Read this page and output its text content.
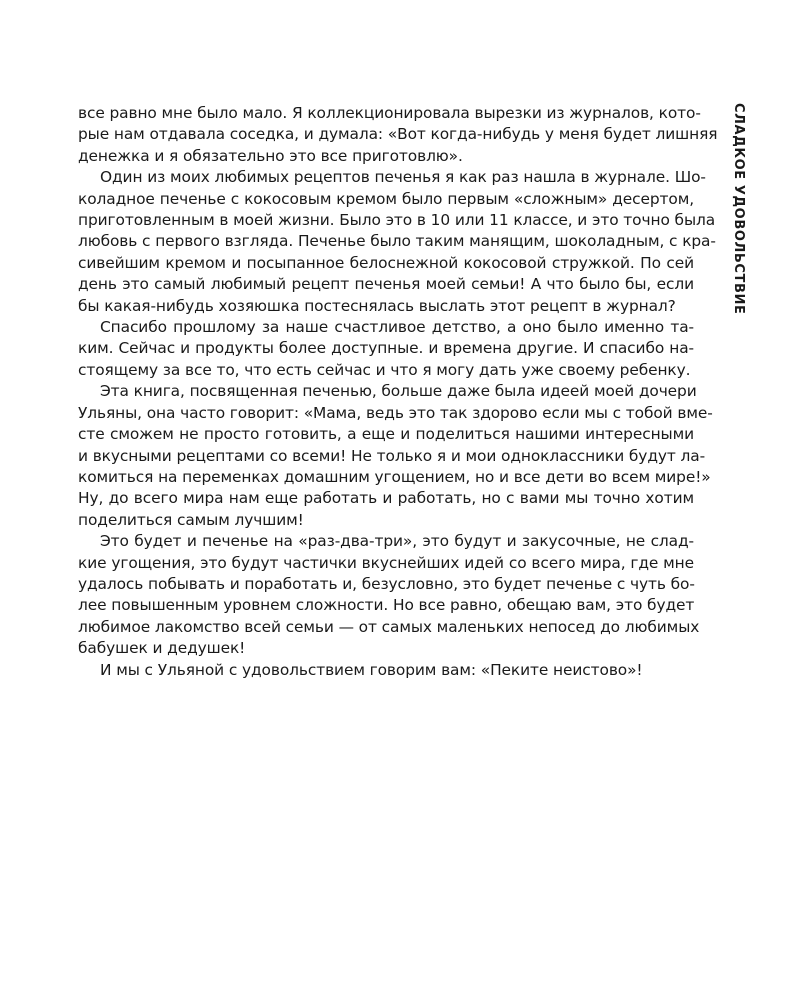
СЛАДКОЕ УДОВОЛЬСТВИЕ
все равно мне было мало. Я коллекционировала вырезки из журналов, кото-
рые нам отдавала соседка, и думала: «Вот когда-нибудь у меня будет лишняя
денежка и я обязательно это все приготовлю».
Один из моих любимых рецептов печенья я как раз нашла в журнале. Шо-
коладное печенье с кокосовым кремом было первым «сложным» десертом,
приготовленным в моей жизни. Было это в 10 или 11 классе, и это точно была
любовь с первого взгляда. Печенье было таким манящим, шоколадным, с кра-
сивейшим кремом и посыпанное белоснежной кокосовой стружкой. По сей
день это самый любимый рецепт печенья моей семьи! А что было бы, если
бы какая-нибудь хозяюшка постеснялась выслать этот рецепт в журнал?
Спасибо прошлому за наше счастливое детство, а оно было именно та-
ким. Сейчас и продукты более доступные. и времена другие. И спасибо на-
стоящему за все то, что есть сейчас и что я могу дать уже своему ребенку.
Эта книга, посвященная печенью, больше даже была идеей моей дочери
Ульяны, она часто говорит: «Мама, ведь это так здорово если мы с тобой вме-
сте сможем не просто готовить, а еще и поделиться нашими интересными
и вкусными рецептами со всеми! Не только я и мои одноклассники будут ла-
комиться на переменках домашним угощением, но и все дети во всем мире!»
Ну, до всего мира нам еще работать и работать, но с вами мы точно хотим
поделиться самым лучшим!
Это будет и печенье на «раз-два-три», это будут и закусочные, не слад-
кие угощения, это будут частички вкуснейших идей со всего мира, где мне
удалось побывать и поработать и, безусловно, это будет печенье с чуть бо-
лее повышенным уровнем сложности. Но все равно, обещаю вам, это будет
любимое лакомство всей семьи — от самых маленьких непосед до любимых
бабушек и дедушек!
И мы с Ульяной с удовольствием говорим вам: «Пеките неистово»!
